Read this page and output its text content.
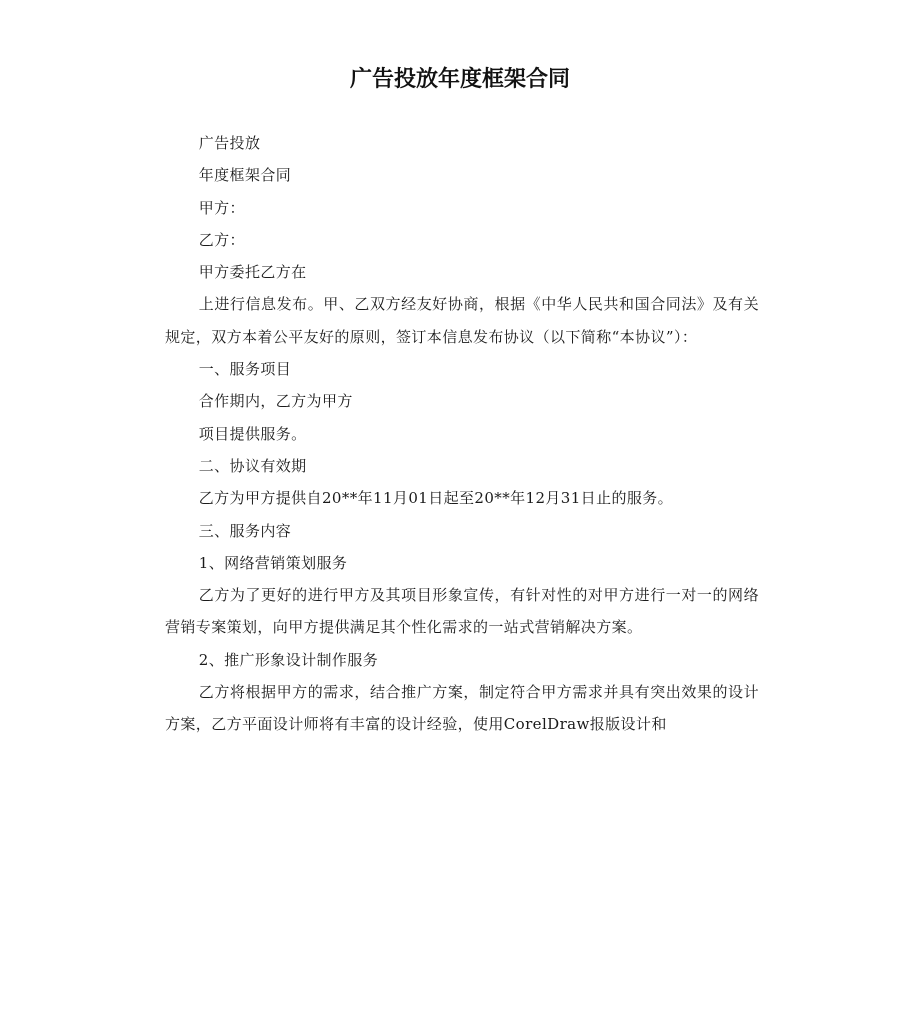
广告投放年度框架合同

广告投放

年度框架合同

甲方：

乙方：

甲方委托乙方在

上进行信息发布。甲、乙双方经友好协商，根据《中华人民共和国合同法》及有关规定，双方本着公平友好的原则，签订本信息发布协议（以下简称“本协议”）：

一、服务项目

合作期内，乙方为甲方

项目提供服务。

二、协议有效期

乙方为甲方提供自20**年11月01日起至20**年12月31日止的服务。

三、服务内容

1、网络营销策划服务

乙方为了更好的进行甲方及其项目形象宣传，有针对性的对甲方进行一对一的网络营销专案策划，向甲方提供满足其个性化需求的一站式营销解决方案。

2、推广形象设计制作服务

乙方将根据甲方的需求，结合推广方案，制定符合甲方需求并具有突出效果的设计方案，乙方平面设计师将有丰富的设计经验，使用CorelDraw报版设计和
